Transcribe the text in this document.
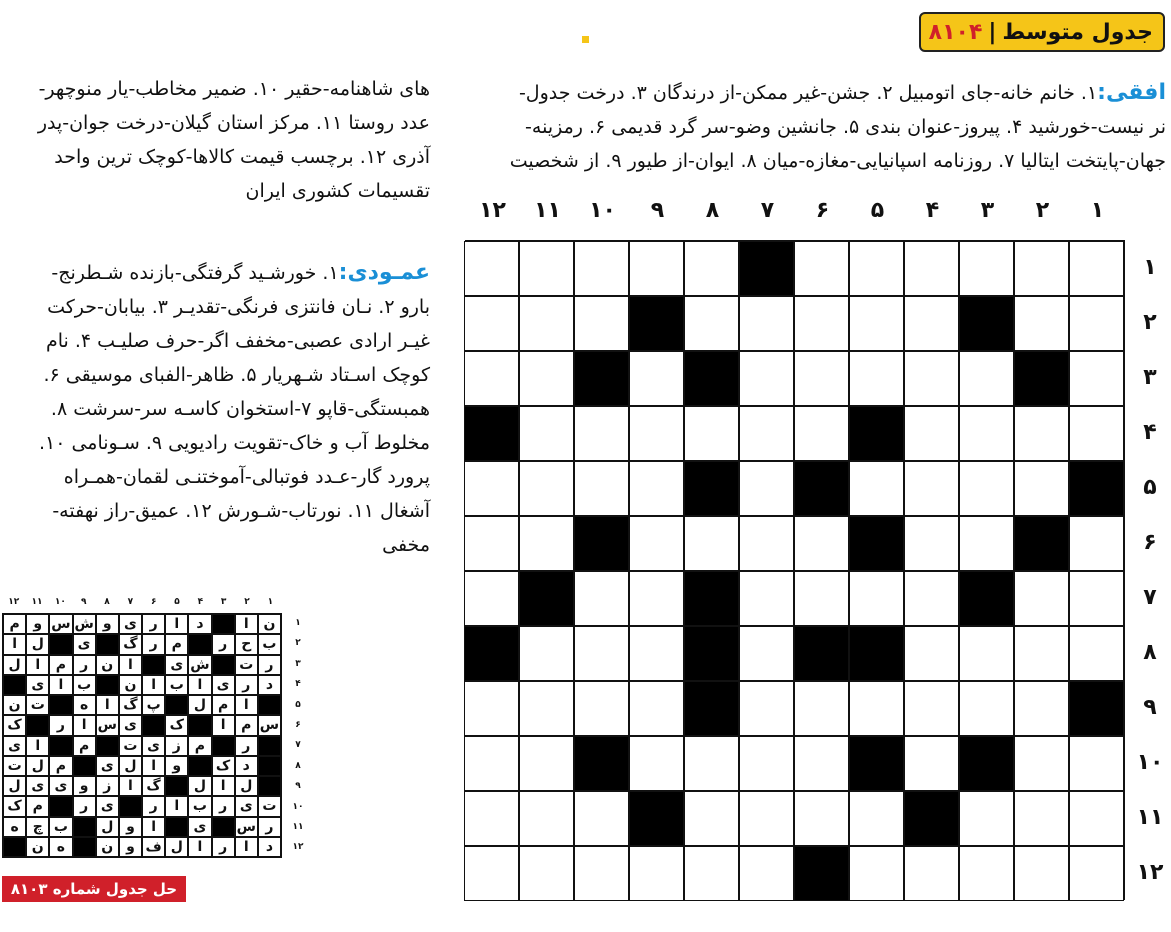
جدول متوسط
|
۸۱۰۴

افقی:۱. خانم خانه-جای اتومبیل ۲. جشن-غیر ممکن-از درندگان ۳. درخت جدول-
نر نیست-خورشید ۴. پیروز-عنوان بندی ۵. جانشین وضو-سر گرد قدیمی ۶. رمزینه-
جهان-پایتخت ایتالیا ۷. روزنامه اسپانیایی-مغازه-میان ۸. ایوان-از طیور ۹. از شخصیت

های شاهنامه-حقیر ۱۰. ضمیر مخاطب-یار منوچهر-
عدد روستا ۱۱. مرکز استان گیلان-درخت جوان-پدر
آذری ۱۲. برچسب قیمت کالاها-کوچک ترین واحد
تقسیمات کشوری ایران

عمـودی:۱. خورشـید گرفتگی-بازنده شـطرنج-
بارو ۲. نـان فانتزی فرنگی-تقدیـر ۳. بیابان-حرکت
غیـر ارادی عصبی-مخفف اگر-حرف صلیـب ۴. نام
کوچک اسـتاد شـهریار ۵. ظاهر-الفبای موسیقی ۶.
همبستگی-قاپو ۷-استخوان کاسـه سر-سرشت ۸.
مخلوط آب و خاک-تقویت رادیویی ۹. سـونامی ۱۰.
پرورد گار-عـدد فوتبالی-آموختنـی لقمان-همـراه
آشغال ۱۱. نورتاب-شـورش ۱۲. عمیق-راز نهفته-
مخفی

۱
۲
۳
۴
۵
۶
۷
۸
۹
۱۰
۱۱
۱۲
۱
۲
۳
۴
۵
۶
۷
۸
۹
۱۰
۱۱
۱۲
۱
۲
۳
۴
۵
۶
۷
۸
۹
۱۰
۱۱
۱۲
۱
۲
۳
۴
۵
۶
۷
۸
۹
۱۰
۱۱
۱۲
ن
ا
د
ا
ر
ی
و
ش
س
و
م
ب
ح
ر
م
ر
گ
ی
ل
ا
ر
ت
ش
ی
ا
ن
ر
م
ا
ل
د
ر
ی
ا
ب
ا
ن
ب
ا
ی
ا
م
ل
پ
گ
ا
ه
ت
ن
س
م
ا
ک
ی
س
ا
ر
ک
ر
م
ز
ی
ت
م
ا
ی
د
ک
و
ا
ل
ی
م
ل
ت
ل
ا
ل
گ
ا
ز
و
ی
ی
ل
ت
ی
ر
ب
ا
ر
ی
ر
م
ک
ر
س
ی
ا
و
ل
ب
چ
ه
د
ا
ر
ا
ل
ف
و
ن
ه
ن
حل جدول شماره ۸۱۰۳
